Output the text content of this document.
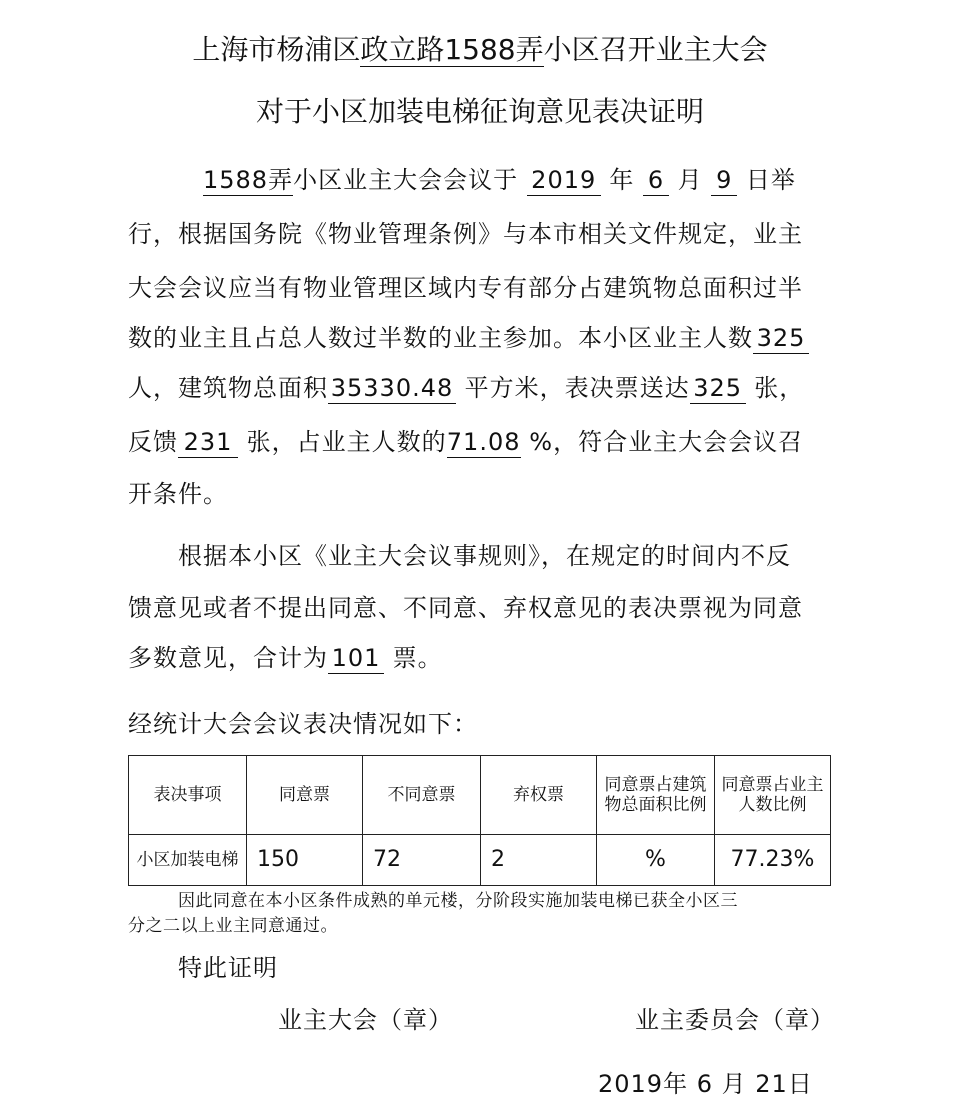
上海市杨浦区政立路1588弄小区召开业主大会
对于小区加装电梯征询意见表决证明
1588弄小区业主大会会议于 2019 年 6 月 9 日举
行，根据国务院《物业管理条例》与本市相关文件规定，业主
大会会议应当有物业管理区域内专有部分占建筑物总面积过半
数的业主且占总人数过半数的业主参加。本小区业主人数 325
人，建筑物总面积 35330.48 平方米，表决票送达 325 张，
反馈 231 张，占业主人数的71.08 %，符合业主大会会议召
开条件。
根据本小区《业主大会议事规则》，在规定的时间内不反
馈意见或者不提出同意、不同意、弃权意见的表决票视为同意
多数意见，合计为 101 票。
经统计大会会议表决情况如下：
表决事项	同意票	不同意票	弃权票	同意票占建筑物总面积比例	同意票占业主人数比例
小区加装电梯	150	72	2	%	77.23%
因此同意在本小区条件成熟的单元楼，分阶段实施加装电梯已获全小区三
分之二以上业主同意通过。
特此证明
业主大会（章）	业主委员会（章）
2019年 6 月 21日
